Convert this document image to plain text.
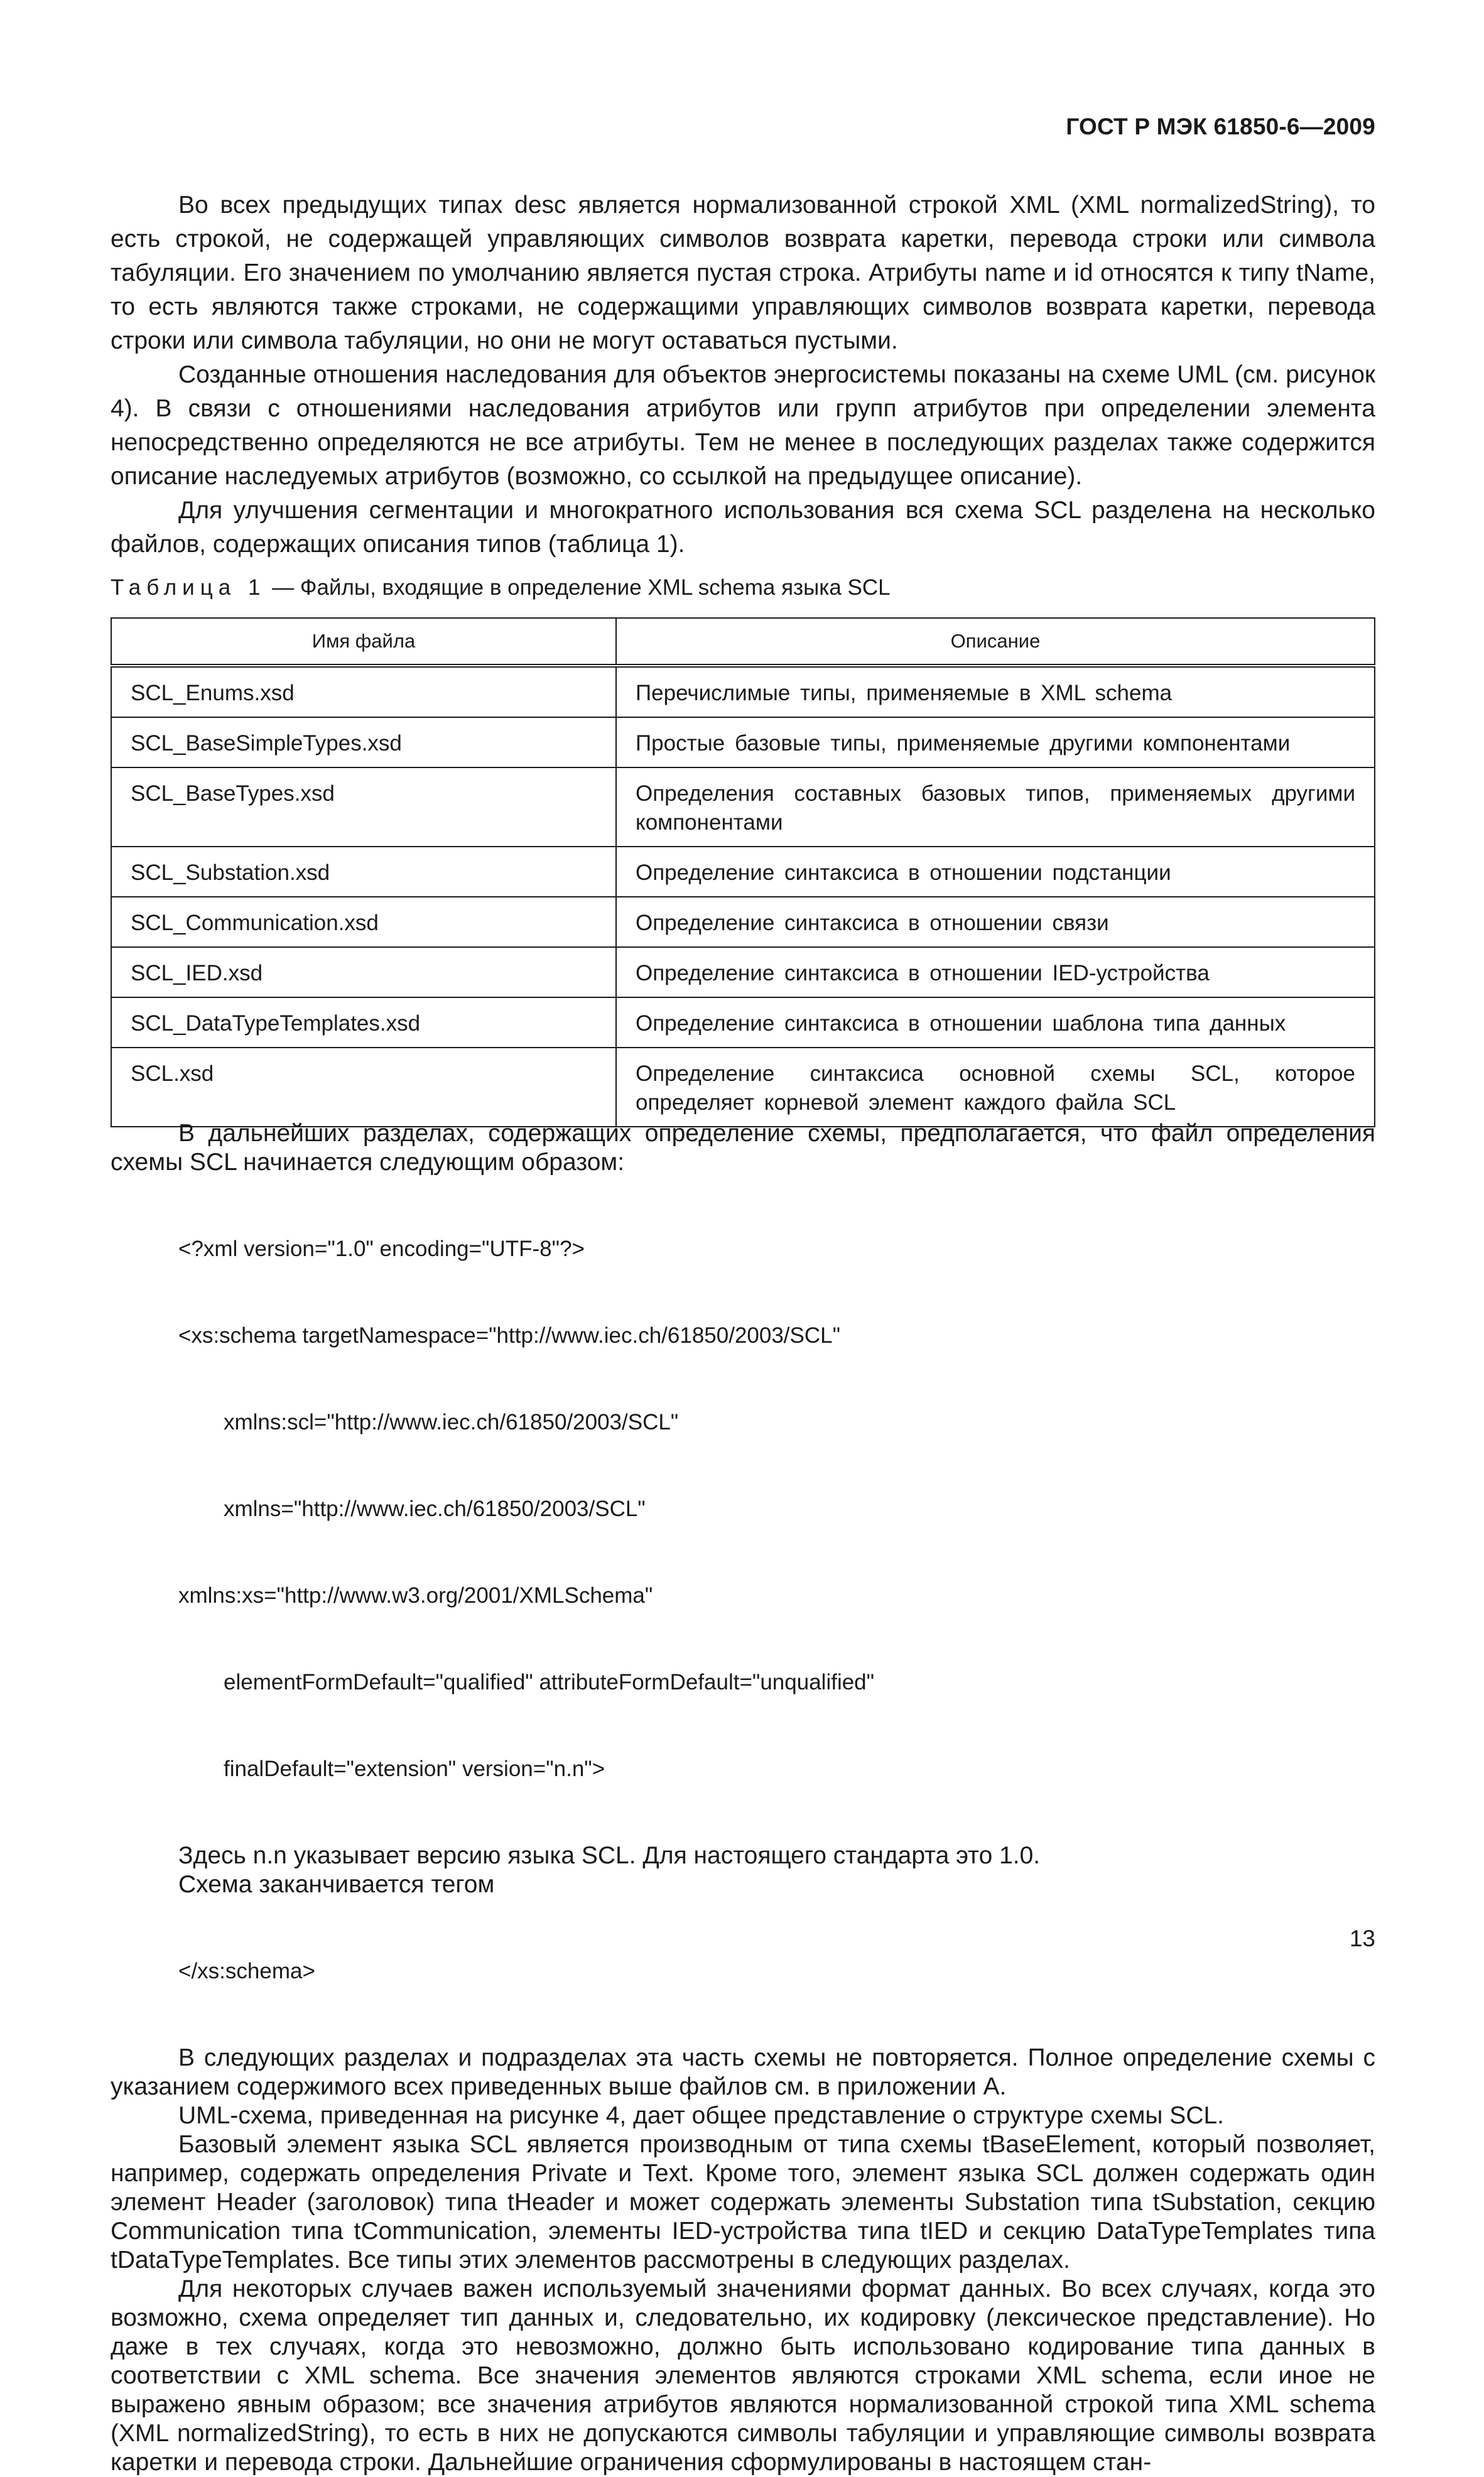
ГОСТ Р МЭК 61850-6—2009

Во всех предыдущих типах desc является нормализованной строкой XML (XML normalizedString), то есть строкой, не содержащей управляющих символов возврата каретки, перевода строки или символа табуляции. Его значением по умолчанию является пустая строка. Атрибуты name и id относятся к типу tName, то есть являются также строками, не содержащими управляющих символов возврата каретки, перевода строки или символа табуляции, но они не могут оставаться пустыми.

Созданные отношения наследования для объектов энергосистемы показаны на схеме UML (см. рисунок 4). В связи с отношениями наследования атрибутов или групп атрибутов при определении элемента непосредственно определяются не все атрибуты. Тем не менее в последующих разделах также содержится описание наследуемых атрибутов (возможно, со ссылкой на предыдущее описание).

Для улучшения сегментации и многократного использования вся схема SCL разделена на несколько файлов, содержащих описания типов (таблица 1).

Таблица 1 — Файлы, входящие в определение XML schema языка SCL
Имя файла	Описание
SCL_Enums.xsd	Перечислимые типы, применяемые в XML schema
SCL_BaseSimpleTypes.xsd	Простые базовые типы, применяемые другими компонентами
SCL_BaseTypes.xsd	Определения составных базовых типов, применяемых другими компонентами
SCL_Substation.xsd	Определение синтаксиса в отношении подстанции
SCL_Communication.xsd	Определение синтаксиса в отношении связи
SCL_IED.xsd	Определение синтаксиса в отношении IED-устройства
SCL_DataTypeTemplates.xsd	Определение синтаксиса в отношении шаблона типа данных
SCL.xsd	Определение синтаксиса основной схемы SCL, которое определяет корневой элемент каждого файла SCL

В дальнейших разделах, содержащих определение схемы, предполагается, что файл определения схемы SCL начинается следующим образом:

<?xml version="1.0" encoding="UTF-8"?>

<xs:schema targetNamespace="http://www.iec.ch/61850/2003/SCL"

xmlns:scl="http://www.iec.ch/61850/2003/SCL"

xmlns="http://www.iec.ch/61850/2003/SCL"

xmlns:xs="http://www.w3.org/2001/XMLSchema"

elementFormDefault="qualified" attributeFormDefault="unqualified"

finalDefault="extension" version="n.n">

Здесь n.n указывает версию языка SCL. Для настоящего стандарта это 1.0.

Схема заканчивается тегом

</xs:schema>

В следующих разделах и подразделах эта часть схемы не повторяется. Полное определение схемы с указанием содержимого всех приведенных выше файлов см. в приложении А.

UML-схема, приведенная на рисунке 4, дает общее представление о структуре схемы SCL.

Базовый элемент языка SCL является производным от типа схемы tBaseElement, который позволяет, например, содержать определения Private и Text. Кроме того, элемент языка SCL должен содержать один элемент Header (заголовок) типа tHeader и может содержать элементы Substation типа tSubstation, секцию Communication типа tCommunication, элементы IED-устройства типа tIED и секцию DataTypeTemplates типа tDataTypeTemplates. Все типы этих элементов рассмотрены в следующих разделах.

Для некоторых случаев важен используемый значениями формат данных. Во всех случаях, когда это возможно, схема определяет тип данных и, следовательно, их кодировку (лексическое представление). Но даже в тех случаях, когда это невозможно, должно быть использовано кодирование типа данных в соответствии с XML schema. Все значения элементов являются строками XML schema, если иное не выражено явным образом; все значения атрибутов являются нормализованной строкой типа XML schema (XML normalizedString), то есть в них не допускаются символы табуляции и управляющие символы возврата каретки и перевода строки. Дальнейшие ограничения сформулированы в настоящем стан-

13
